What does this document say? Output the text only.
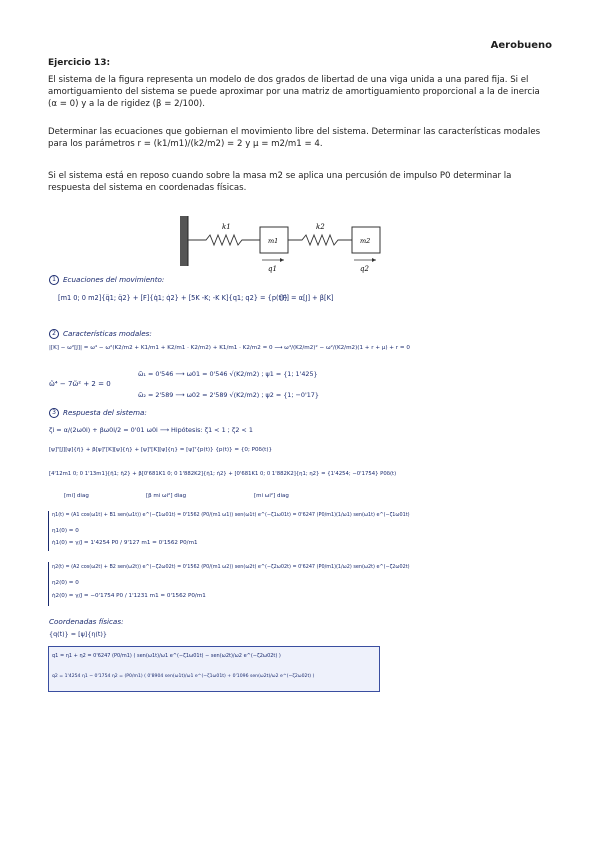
Aerobueno
Ejercicio 13:
El sistema de la figura representa un modelo de dos grados de libertad de una viga unida a una pared fija. Si el amortiguamiento del sistema se puede aproximar por una matriz de amortiguamiento proporcional a la de inercia (α = 0) y a la de rigidez (β = 2/100).
Determinar las ecuaciones que gobiernan el movimiento libre del sistema. Determinar las características modales para los parámetros r = (k1/m1)/(k2/m2) = 2 y μ = m2/m1 = 4.
Si el sistema está en reposo cuando sobre la masa m2 se aplica una percusión de impulso P0 determinar la respuesta del sistema en coordenadas físicas.
k1
m1
k2
m2
q1	q2
1 Ecuaciones del movimiento:
[m1 0; 0 m2]{q̈1; q̈2} + [F]{q̇1; q̇2} + [5K -K; -K K]{q1; q2} = {p(t)}
[F] = α[J] + β[K]
2 Características modales:
|[K] − ω²[J]| = ω⁴ − ω²(K2/m2 + K1/m1 + K2/m1 · K2/m2) + K1/m1 · K2/m2 = 0 ⟶ ω⁴/(K2/m2)² − ω²/(K2/m2)(1 + r + μ) + r = 0
ω̃⁴ − 7ω̃² + 2 = 0
ω̃₁ = 0'546 ⟶ ω01 = 0'546 √(K2/m2) ; ψ1 = {1; 1'425}
ω̃₂ = 2'589 ⟶ ω02 = 2'589 √(K2/m2) ; ψ2 = {1; −0'17}
3 Respuesta del sistema:
ζi = α/(2ω0i) + βω0i/2 = 0'01 ω0i ⟶ Hipótesis: ζ1 < 1 ; ζ2 < 1
[ψ]ᵀ[J][ψ]{η̈} + β[ψ]ᵀ[K][ψ]{η̇} + [ψ]ᵀ[K][ψ]{η} = [ψ]ᵀ{p(t)} {p(t)} = {0; P0δ(t)}
[4'12m1 0; 0 1'13m1]{η̈1; η̈2} + β[0'681K1 0; 0 1'882K2]{η̇1; η̇2} + [0'681K1 0; 0 1'882K2]{η1; η2} = {1'4254; −0'1754} P0δ(t)
[mi] diag	[β mi ωi²] diag	[mi ωi²] diag
η1(t) = (A1 cos(ω1t) + B1 sen(ω1t)) e^(−ζ1ω01t) = 0'1562 (P0/(m1 ω1)) sen(ω1t) e^(−ζ1ω01t) = 0'6247 (P0/m1)(1/ω1) sen(ω1t) e^(−ζ1ω01t)
η1(0) = 0
η̇1(0) = γ/J = 1'4254 P0 / 9'127 m1 = 0'1562 P0/m1
η2(t) = (A2 cos(ω2t) + B2 sen(ω2t)) e^(−ζ2ω02t) = 0'1562 (P0/(m1 ω2)) sen(ω2t) e^(−ζ2ω02t) = 0'6247 (P0/m1)(1/ω2) sen(ω2t) e^(−ζ2ω02t)
η2(0) = 0
η̇2(0) = γ/J = −0'1754 P0 / 1'1231 m1 = 0'1562 P0/m1
Coordenadas físicas:
{q(t)} = [ψ]{η(t)}
q1 = η1 + η2 = 0'6247 (P0/m1) ( sen(ω1t)/ω1 e^(−ζ1ω01t) − sen(ω2t)/ω2 e^(−ζ2ω02t) )
q2 = 1'4254 η1 − 0'1754 η2 = (P0/m1) ( 0'8904 sen(ω1t)/ω1 e^(−ζ1ω01t) + 0'1096 sen(ω2t)/ω2 e^(−ζ2ω02t) )
